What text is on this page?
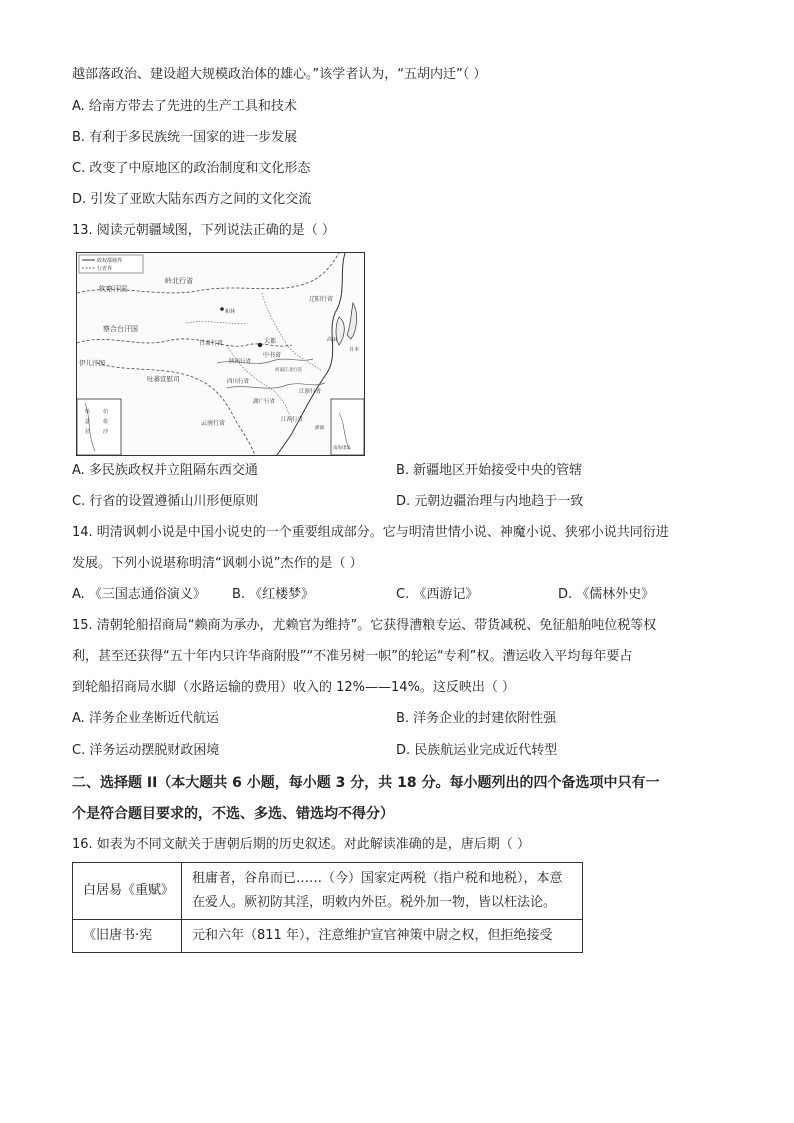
越部落政治、建设超大规模政治体的雄心。”该学者认为，“五胡内迁”（ ）
A. 给南方带去了先进的生产工具和技术
B. 有利于多民族统一国家的进一步发展
C. 改变了中原地区的政治制度和文化形态
D. 引发了亚欧大陆东西方之间的文化交流
13. 阅读元朝疆域图，下列说法正确的是（ ）
政权都城界
行省界
钦察汗国
岭北行省
察合台汗国
伊儿汗国
吐蕃宣慰司
甘肃行省
陕西行省
中书省
辽阳行省
河南江北行省
四川行省
湖广行省
江浙行省
江西行省
云南行省
大都
和林
高丽
日本
澎湖
南海诸岛
哈
瑟
拉
伯
依
沙
A. 多民族政权并立阻隔东西交通	B. 新疆地区开始接受中央的管辖
C. 行省的设置遵循山川形便原则	D. 元朝边疆治理与内地趋于一致
14. 明清讽刺小说是中国小说史的一个重要组成部分。它与明清世情小说、神魔小说、狭邪小说共同衍进
发展。下列小说堪称明清“讽刺小说”杰作的是（ ）
A. 《三国志通俗演义》 B. 《红楼梦》	C. 《西游记》	D. 《儒林外史》
15. 清朝轮船招商局“赖商为承办，尤赖官为维持”。它获得漕粮专运、带货减税、免征船舶吨位税等权
利，甚至还获得“五十年内只许华商附股”“不准另树一帜”的轮运“专利”权。漕运收入平均每年要占
到轮船招商局水脚（水路运输的费用）收入的 12%——14%。这反映出（ ）
A. 洋务企业垄断近代航运	B. 洋务企业的封建依附性强
C. 洋务运动摆脱财政困境	D. 民族航运业完成近代转型
二、选择题 II（本大题共 6 小题，每小题 3 分，共 18 分。每小题列出的四个备选项中只有一
个是符合题目要求的，不选、多选、错选均不得分）
16. 如表为不同文献关于唐朝后期的历史叙述。对此解读准确的是，唐后期（ ）
白居易《重赋》	租庸者，谷帛而已……（今）国家定两税（指户税和地税），本意在爱人。厥初防其淫，明敕内外臣。税外加一物，皆以枉法论。
《旧唐书·宪	元和六年（811 年），注意维护宣官神策中尉之权，但拒绝接受
